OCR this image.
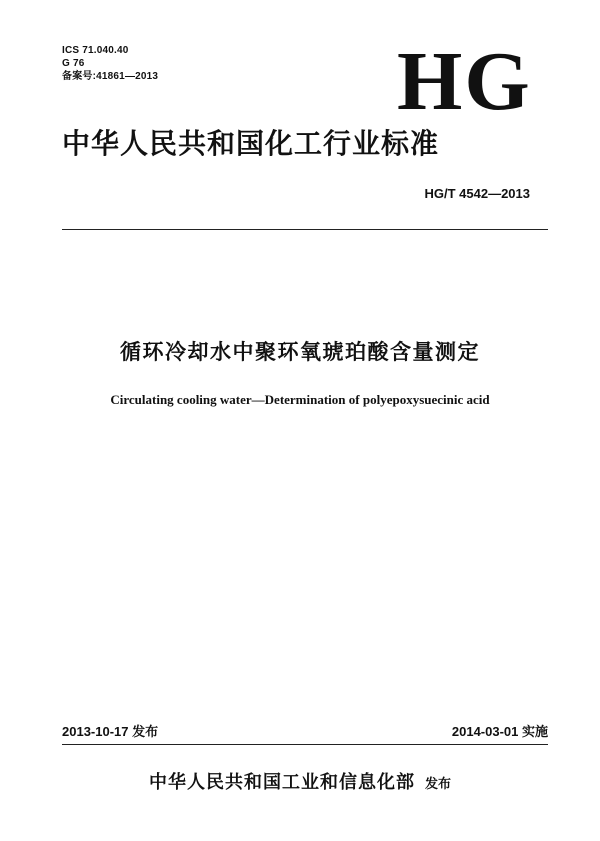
ICS 71.040.40
G 76
备案号:41861—2013	HG
中华人民共和国化工行业标准
HG/T 4542—2013
循环冷却水中聚环氧琥珀酸含量测定
Circulating cooling water—Determination of polyepoxysuecinic acid
2013-10-17 发布	2014-03-01 实施
中华人民共和国工业和信息化部 发布
